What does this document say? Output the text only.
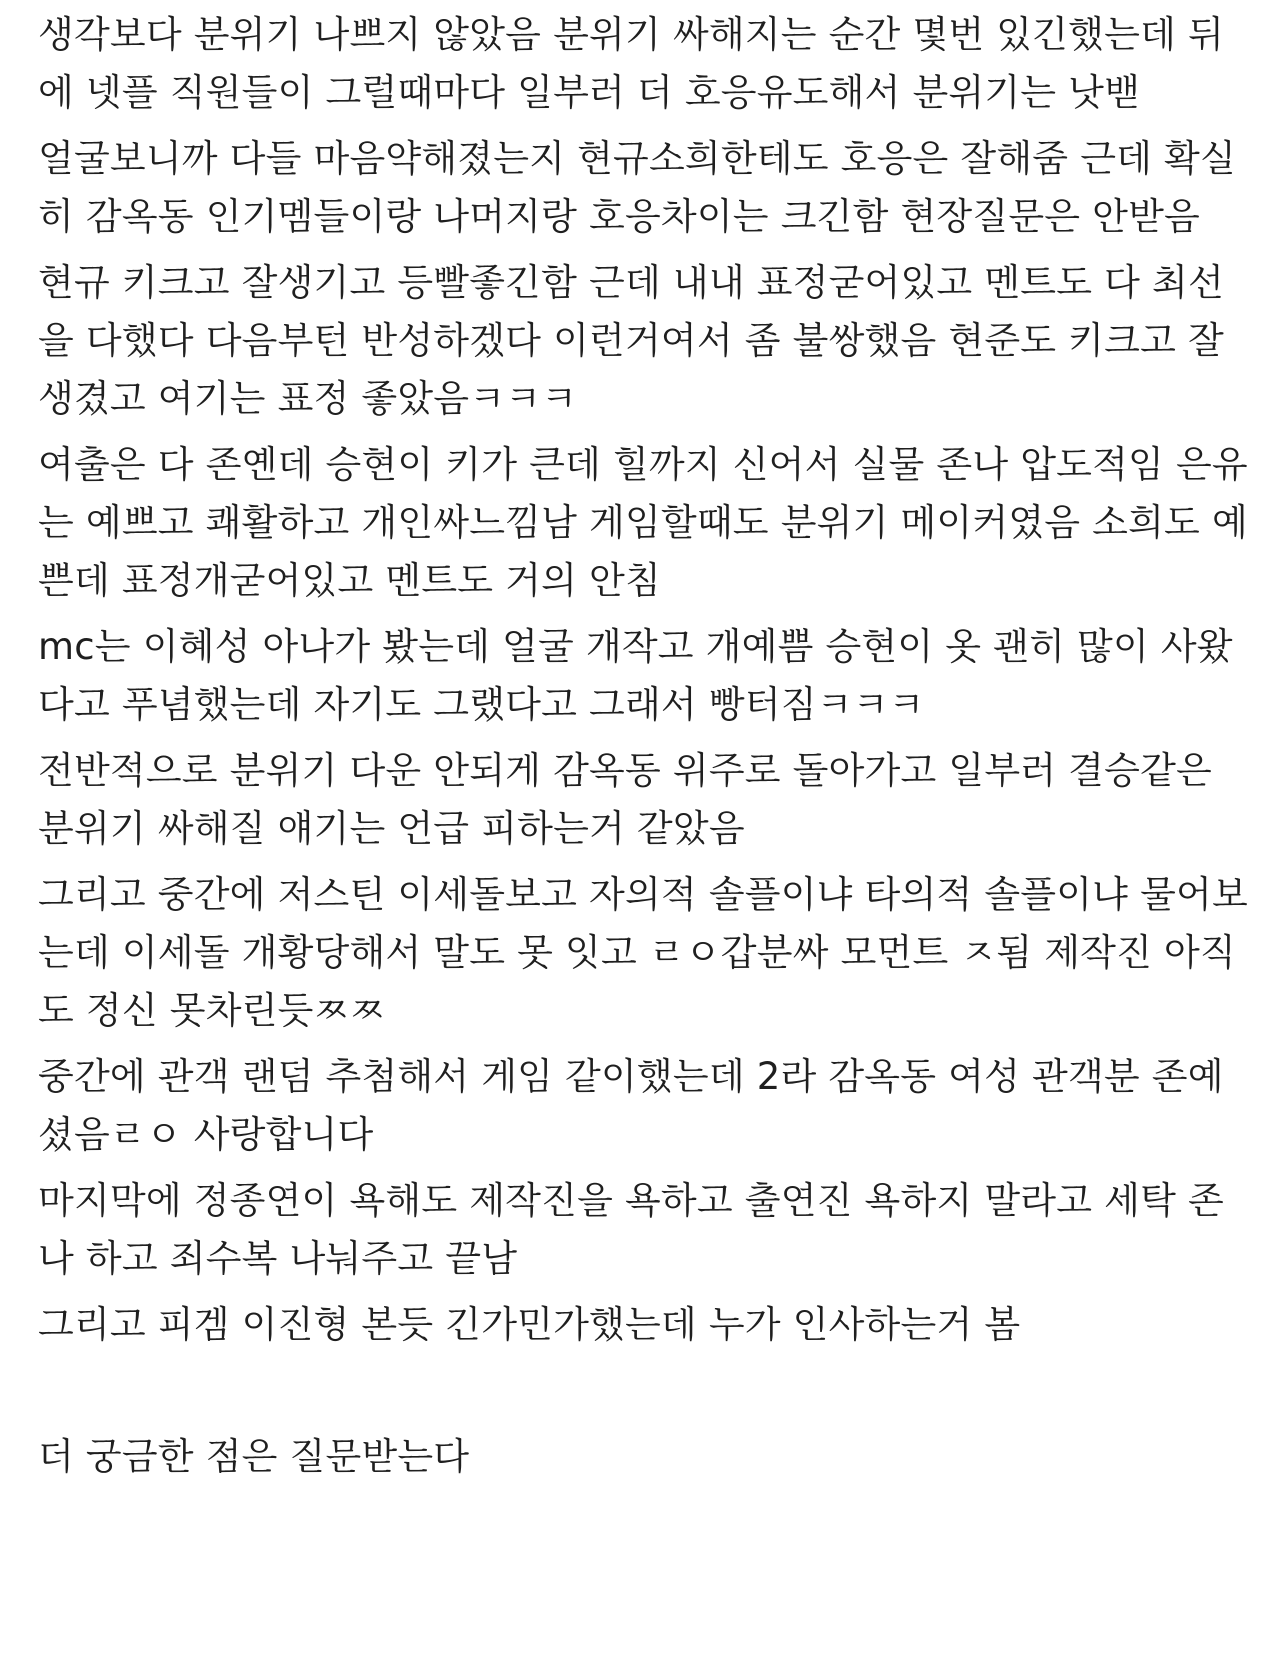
생각보다 분위기 나쁘지 않았음 분위기 싸해지는 순간 몇번 있긴했는데 뒤
에 넷플 직원들이 그럴때마다 일부러 더 호응유도해서 분위기는 낫밷
얼굴보니까 다들 마음약해졌는지 현규소희한테도 호응은 잘해줌 근데 확실
히 감옥동 인기멤들이랑 나머지랑 호응차이는 크긴함 현장질문은 안받음
현규 키크고 잘생기고 등빨좋긴함 근데 내내 표정굳어있고 멘트도 다 최선
을 다했다 다음부턴 반성하겠다 이런거여서 좀 불쌍했음 현준도 키크고 잘
생겼고 여기는 표정 좋았음ㅋㅋㅋ
여출은 다 존옌데 승현이 키가 큰데 힐까지 신어서 실물 존나 압도적임 은유
는 예쁘고 쾌활하고 개인싸느낌남 게임할때도 분위기 메이커였음 소희도 예
쁜데 표정개굳어있고 멘트도 거의 안침
mc는 이혜성 아나가 봤는데 얼굴 개작고 개예쁨 승현이 옷 괜히 많이 사왔
다고 푸념했는데 자기도 그랬다고 그래서 빵터짐ㅋㅋㅋ
전반적으로 분위기 다운 안되게 감옥동 위주로 돌아가고 일부러 결승같은
분위기 싸해질 얘기는 언급 피하는거 같았음
그리고 중간에 저스틴 이세돌보고 자의적 솔플이냐 타의적 솔플이냐 물어보
는데 이세돌 개황당해서 말도 못 잇고 ㄹㅇ갑분싸 모먼트 ㅈ됨 제작진 아직
도 정신 못차린듯ㅉㅉ
중간에 관객 랜덤 추첨해서 게임 같이했는데 2라 감옥동 여성 관객분 존예
셨음ㄹㅇ 사랑합니다
마지막에 정종연이 욕해도 제작진을 욕하고 출연진 욕하지 말라고 세탁 존
나 하고 죄수복 나눠주고 끝남
그리고 피겜 이진형 본듯 긴가민가했는데 누가 인사하는거 봄
더 궁금한 점은 질문받는다
